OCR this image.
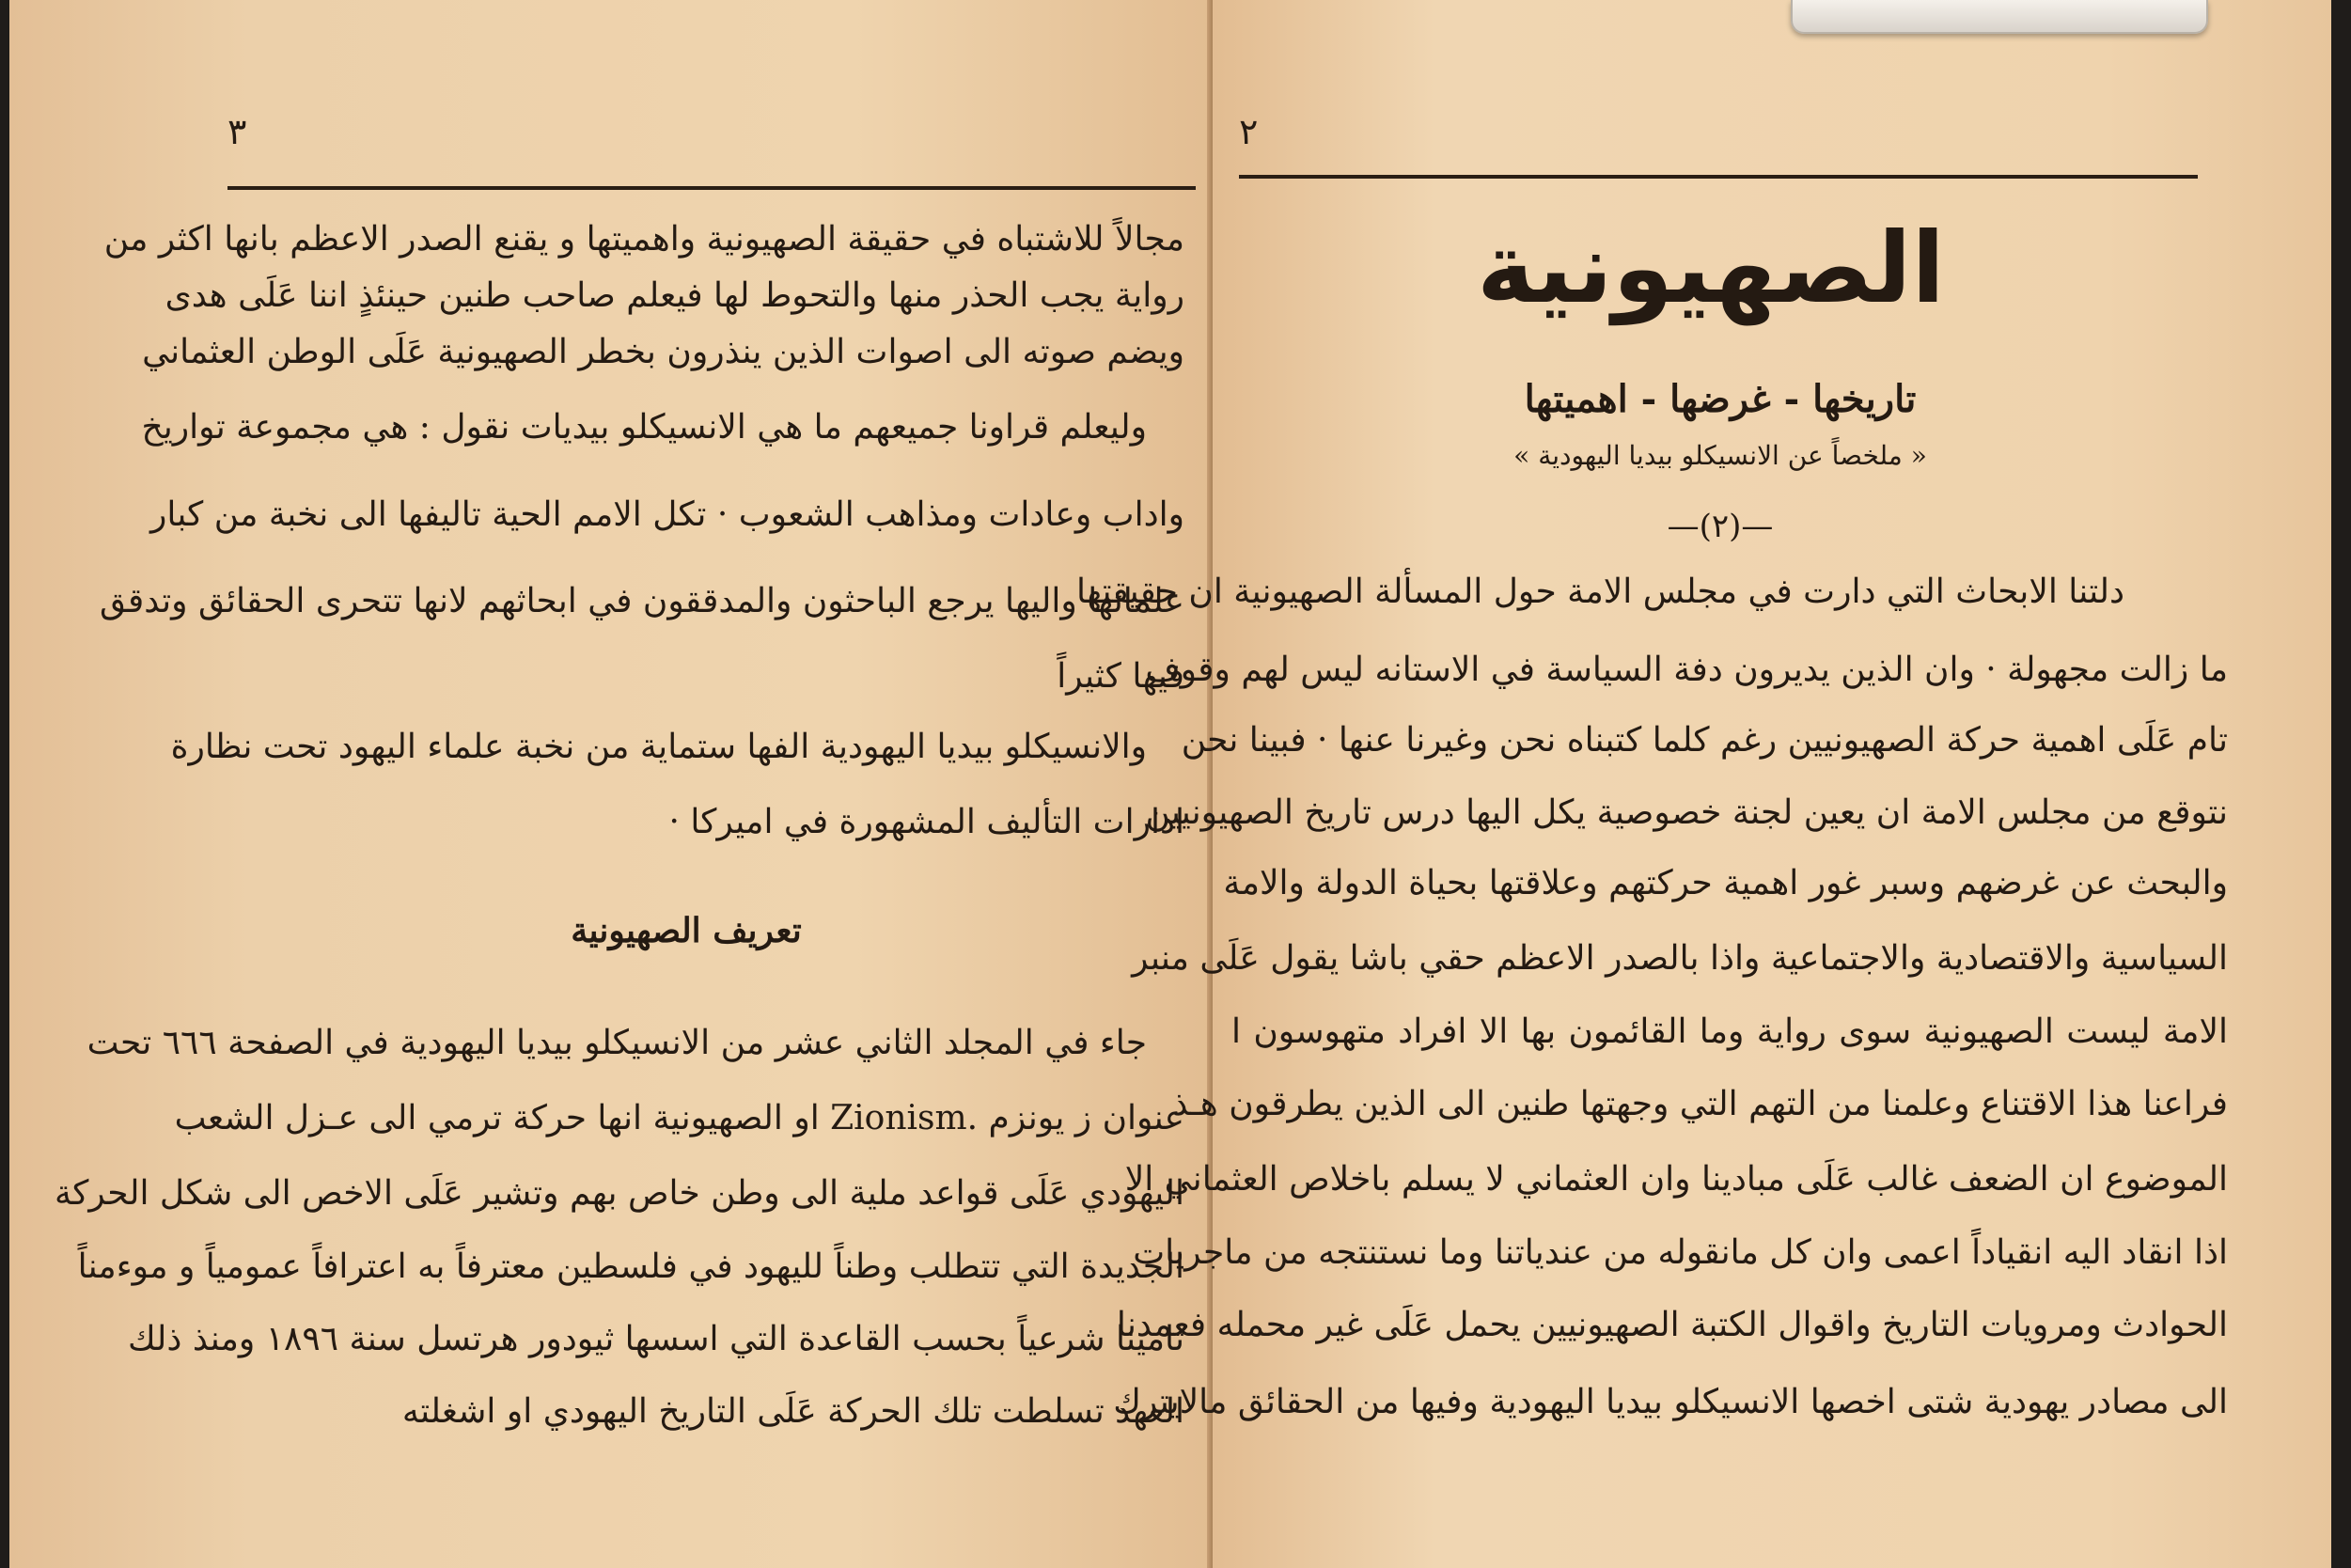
٣
مجالاً للاشتباه في حقيقة الصهيونية واهميتها و يقنع الصدر الاعظم بانها اكثر من
رواية يجب الحذر منها والتحوط لها فيعلم صاحب طنين حينئذٍ اننا عَلَى هدى
ويضم صوته الى اصوات الذين ينذرون بخطر الصهيونية عَلَى الوطن العثماني
وليعلم قراونا جميعهم ما هي الانسيكلو بيديات نقول : هي مجموعة تواريخ
واداب وعادات ومذاهب الشعوب · تكل الامم الحية تاليفها الى نخبة من كبار
علمائها واليها يرجع الباحثون والمدققون في ابحاثهم لانها تتحرى الحقائق وتدقق
فيها كثيراً
والانسيكلو بيديا اليهودية الفها ستماية من نخبة علماء اليهود تحت نظارة
ادارات التأليف المشهورة في اميركا ·
تعريف الصهيونية
جاء في المجلد الثاني عشر من الانسيكلو بيديا اليهودية في الصفحة ٦٦٦ تحت
عنوان ز يونزم .Zionism او الصهيونية انها حركة ترمي الى عـزل الشعب
اليهودي عَلَى قواعد ملية الى وطن خاص بهم وتشير عَلَى الاخص الى شكل الحركة
الجديدة التي تتطلب وطناً لليهود في فلسطين معترفاً به اعترافاً عمومياً و موءمناً
تامينا شرعياً بحسب القاعدة التي اسسها ثيودور هرتسل سنة ١٨٩٦ ومنذ ذلك
العهد تسلطت تلك الحركة عَلَى التاريخ اليهودي او اشغلته
٢
الصهيونية
تاريخها - غرضها - اهميتها
« ملخصاً عن الانسيكلو بيديا اليهودية »
—(٢)—
دلتنا الابحاث التي دارت في مجلس الامة حول المسألة الصهيونية ان حقيقتها
ما زالت مجهولة · وان الذين يديرون دفة السياسة في الاستانه ليس لهم وقوف
تام عَلَى اهمية حركة الصهيونيين رغم كلما كتبناه نحن وغيرنا عنها · فبينا نحن
نتوقع من مجلس الامة ان يعين لجنة خصوصية يكل اليها درس تاريخ الصهيونيين
والبحث عن غرضهم وسبر غور اهمية حركتهم وعلاقتها بحياة الدولة والامة
السياسية والاقتصادية والاجتماعية واذا بالصدر الاعظم حقي باشا يقول عَلَى منبر
الامة ليست الصهيونية سوى رواية وما القائمون بها الا افراد متهوسون ا
فراعنا هذا الاقتناع وعلمنا من التهم التي وجهتها طنين الى الذين يطرقون هـذ
الموضوع ان الضعف غالب عَلَى مبادينا وان العثماني لا يسلم باخلاص العثماني الا
اذا انقاد اليه انقياداً اعمى وان كل مانقوله من عندياتنا وما نستنتجه من ماجريات
الحوادث ومرويات التاريخ واقوال الكتبة الصهيونيين يحمل عَلَى غير محمله فعمدنا
الى مصادر يهودية شتى اخصها الانسيكلو بيديا اليهودية وفيها من الحقائق مالايترك
